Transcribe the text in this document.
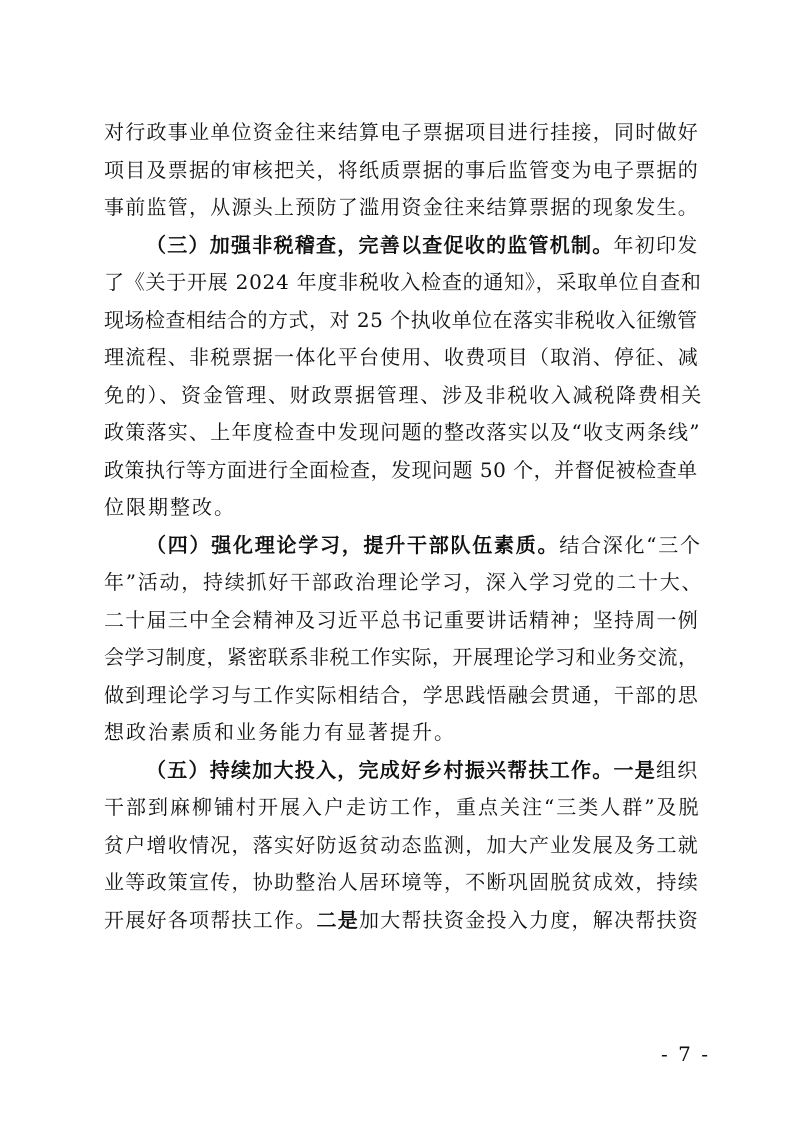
对行政事业单位资金往来结算电子票据项目进行挂接，同时做好
项目及票据的审核把关，将纸质票据的事后监管变为电子票据的
事前监管，从源头上预防了滥用资金往来结算票据的现象发生。
（三）加强非税稽查，完善以查促收的监管机制。年初印发
了《关于开展 2024 年度非税收入检查的通知》，采取单位自查和
现场检查相结合的方式，对 25 个执收单位在落实非税收入征缴管
理流程、非税票据一体化平台使用、收费项目（取消、停征、减
免的）、资金管理、财政票据管理、涉及非税收入减税降费相关
政策落实、上年度检查中发现问题的整改落实以及“收支两条线”
政策执行等方面进行全面检查，发现问题 50 个，并督促被检查单
位限期整改。
（四）强化理论学习，提升干部队伍素质。结合深化“三个
年”活动，持续抓好干部政治理论学习，深入学习党的二十大、
二十届三中全会精神及习近平总书记重要讲话精神；坚持周一例
会学习制度，紧密联系非税工作实际，开展理论学习和业务交流，
做到理论学习与工作实际相结合，学思践悟融会贯通，干部的思
想政治素质和业务能力有显著提升。
（五）持续加大投入，完成好乡村振兴帮扶工作。一是组织
干部到麻柳铺村开展入户走访工作，重点关注“三类人群”及脱
贫户增收情况，落实好防返贫动态监测，加大产业发展及务工就
业等政策宣传，协助整治人居环境等，不断巩固脱贫成效，持续
开展好各项帮扶工作。二是加大帮扶资金投入力度，解决帮扶资
- 7 -
